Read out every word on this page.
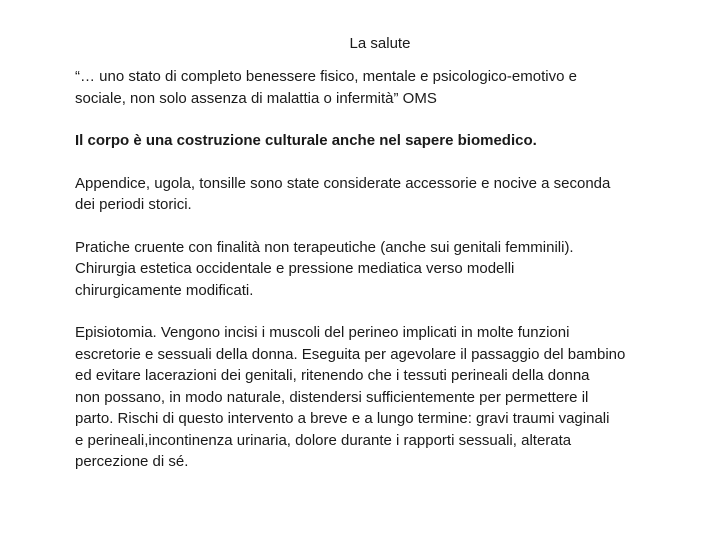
La salute

“… uno stato di completo benessere fisico, mentale e psicologico-emotivo e
sociale, non solo assenza di malattia o infermità” OMS

Il corpo è una costruzione culturale anche nel sapere biomedico.

Appendice, ugola, tonsille sono state considerate accessorie e nocive a seconda
dei periodi storici.

Pratiche cruente con finalità non terapeutiche (anche sui genitali femminili).
Chirurgia estetica occidentale e pressione mediatica verso modelli
chirurgicamente modificati.

Episiotomia. Vengono incisi i muscoli del perineo implicati in molte funzioni
escretorie e sessuali della donna. Eseguita per agevolare il passaggio del bambino
ed evitare lacerazioni dei genitali, ritenendo che i tessuti perineali della donna
non possano, in modo naturale, distendersi sufficientemente per permettere il
parto. Rischi di questo intervento a breve e a lungo termine: gravi traumi vaginali
e perineali,incontinenza urinaria, dolore durante i rapporti sessuali, alterata
percezione di sé.
